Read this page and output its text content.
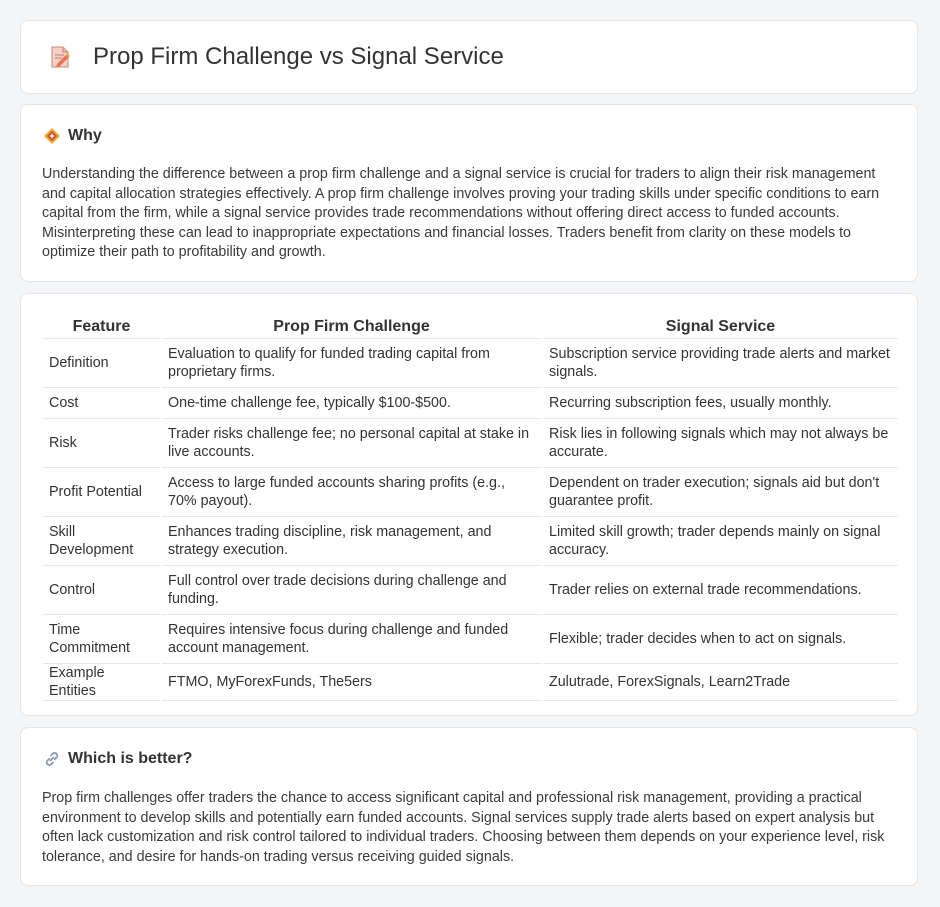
Prop Firm Challenge vs Signal Service
Why

Understanding the difference between a prop firm challenge and a signal service is crucial for traders to align their risk management and capital allocation strategies effectively. A prop firm challenge involves proving your trading skills under specific conditions to earn capital from the firm, while a signal service provides trade recommendations without offering direct access to funded accounts. Misinterpreting these can lead to inappropriate expectations and financial losses. Traders benefit from clarity on these models to optimize their path to profitability and growth.

Feature	Prop Firm Challenge	Signal Service
Definition	Evaluation to qualify for funded trading capital from proprietary firms.	Subscription service providing trade alerts and market signals.
Cost	One-time challenge fee, typically $100-$500.	Recurring subscription fees, usually monthly.
Risk	Trader risks challenge fee; no personal capital at stake in live accounts.	Risk lies in following signals which may not always be accurate.
Profit Potential	Access to large funded accounts sharing profits (e.g., 70% payout).	Dependent on trader execution; signals aid but don't guarantee profit.
Skill Development	Enhances trading discipline, risk management, and strategy execution.	Limited skill growth; trader depends mainly on signal accuracy.
Control	Full control over trade decisions during challenge and funding.	Trader relies on external trade recommendations.
Time Commitment	Requires intensive focus during challenge and funded account management.	Flexible; trader decides when to act on signals.
Example Entities	FTMO, MyForexFunds, The5ers	Zulutrade, ForexSignals, Learn2Trade
Which is better?

Prop firm challenges offer traders the chance to access significant capital and professional risk management, providing a practical environment to develop skills and potentially earn funded accounts. Signal services supply trade alerts based on expert analysis but often lack customization and risk control tailored to individual traders. Choosing between them depends on your experience level, risk tolerance, and desire for hands-on trading versus receiving guided signals.
